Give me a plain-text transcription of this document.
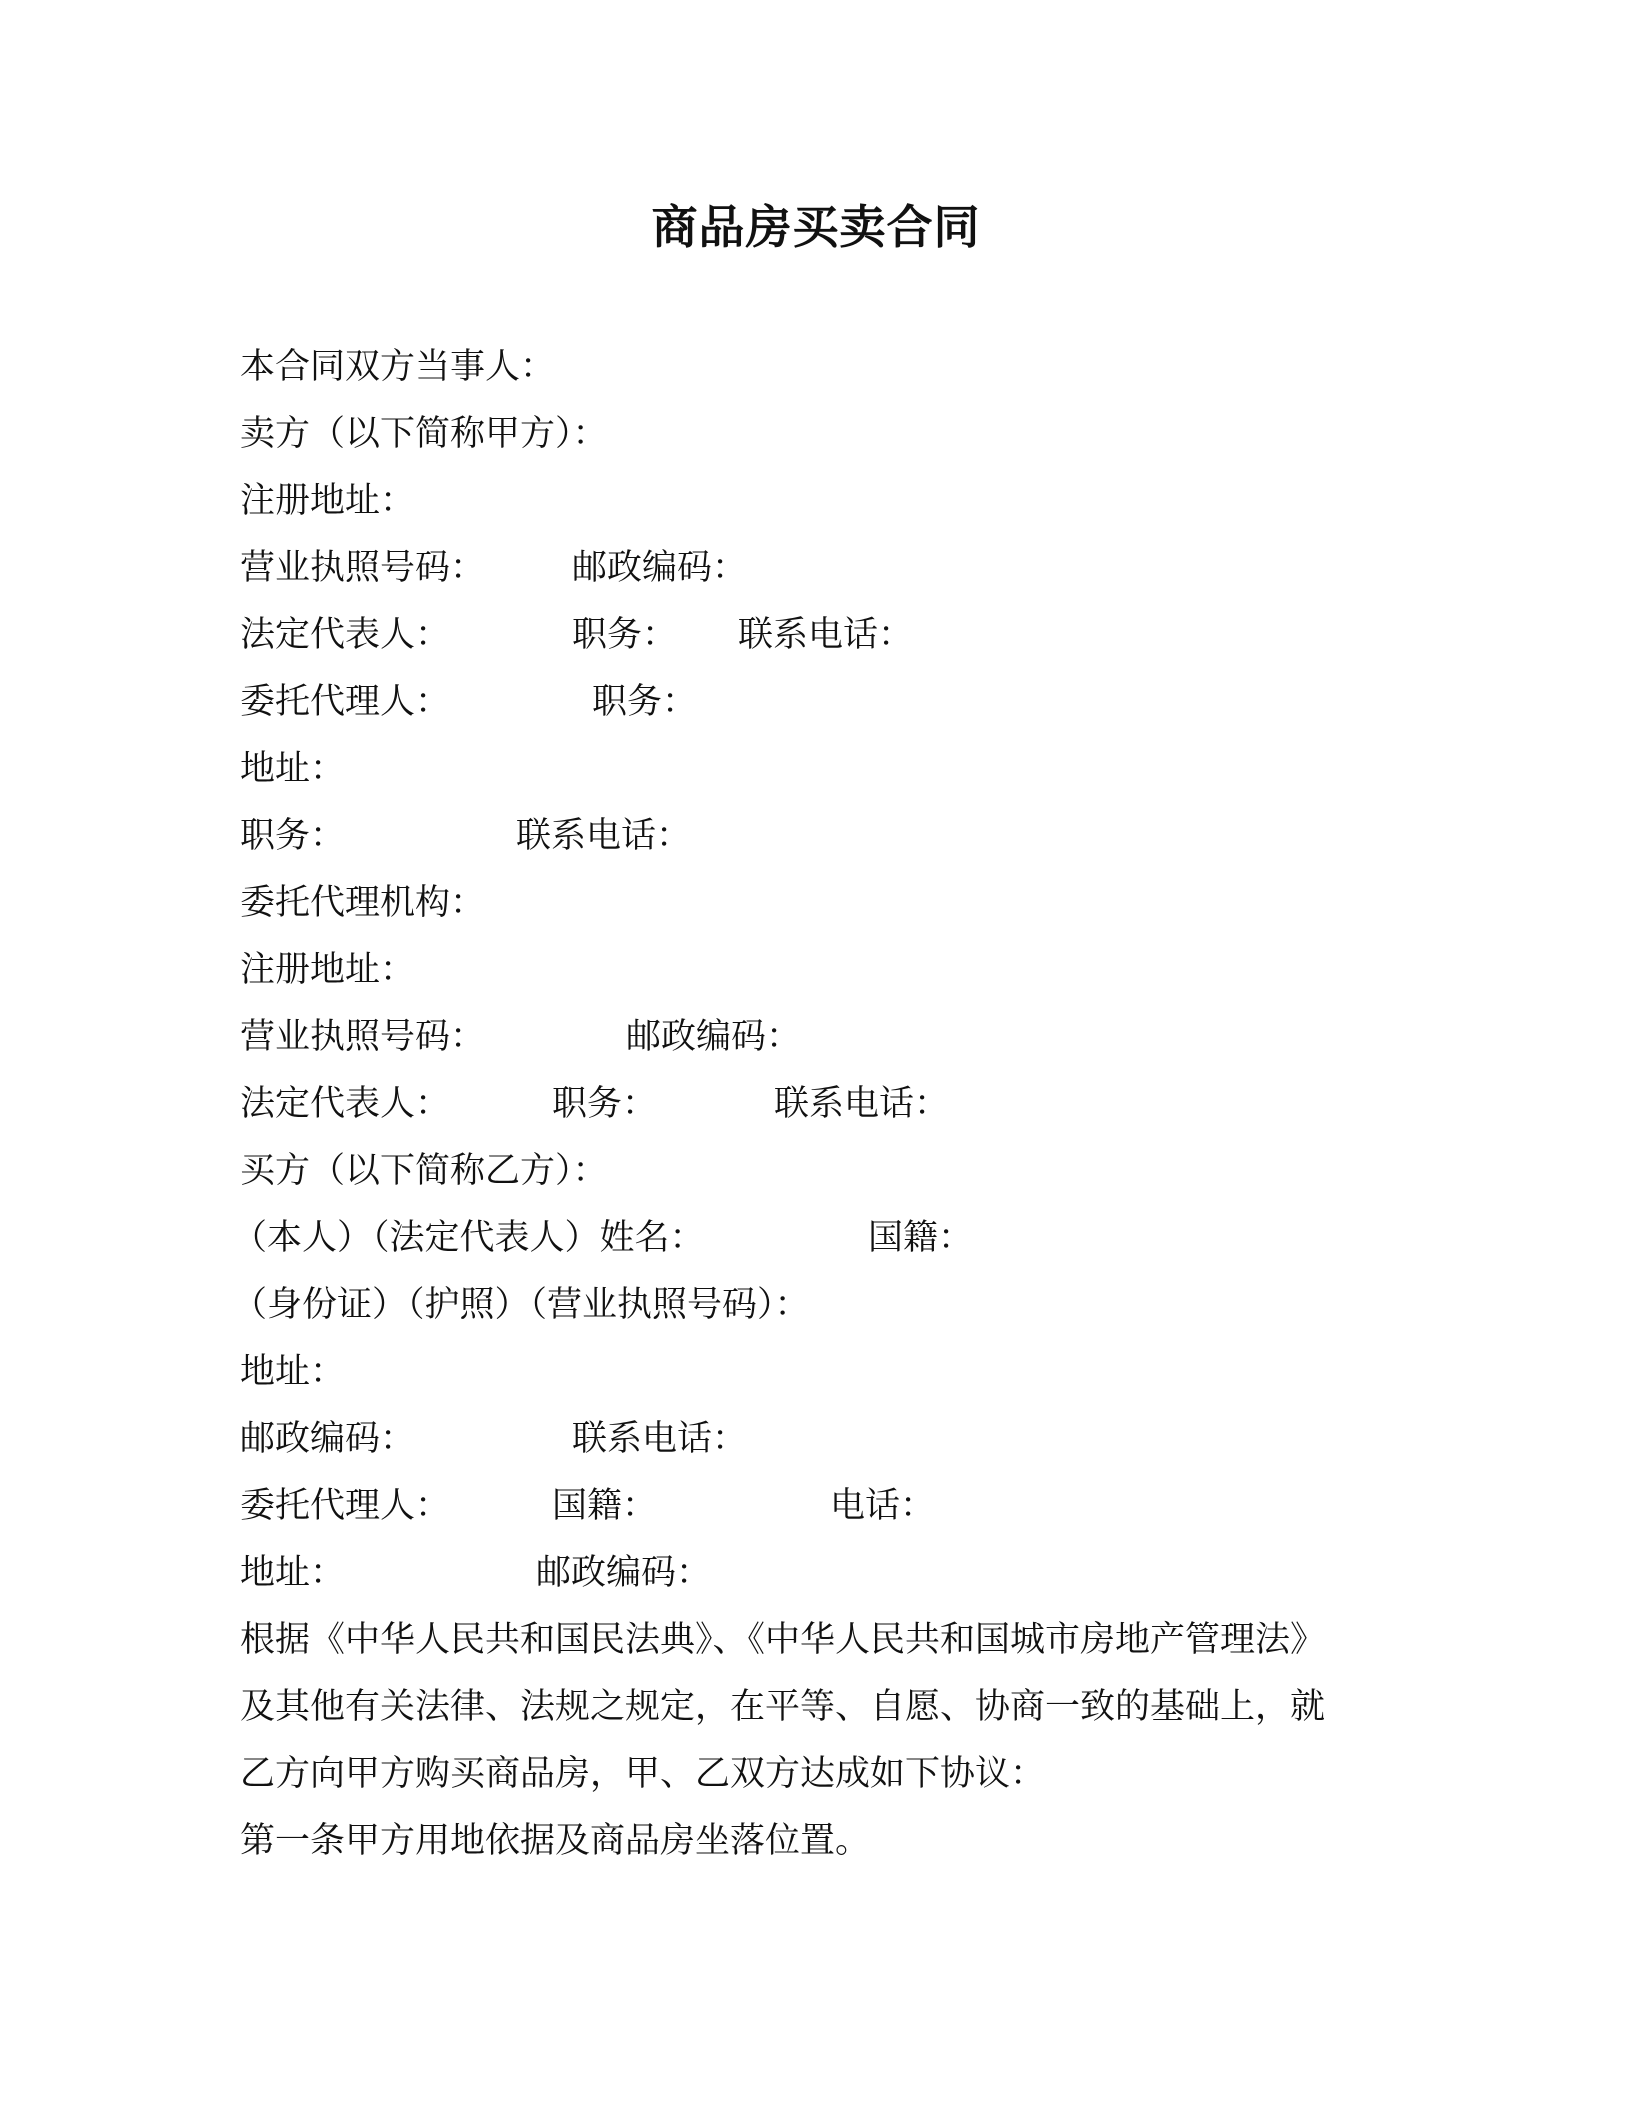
商品房买卖合同
本合同双方当事人：
卖方（以下简称甲方）：
注册地址：
营业执照号码： 邮政编码：
法定代表人：	职务： 联系电话：
委托代理人：	职务：
地址：
职务：	联系电话：
委托代理机构：
注册地址：
营业执照号码：	邮政编码：
法定代表人：	职务：	联系电话：
买方（以下简称乙方）：
（本人）（法定代表人）姓名：	国籍：
（身份证）（护照）（营业执照号码）：
地址：
邮政编码：	联系电话：
委托代理人：	国籍：	电话：
地址：	邮政编码：
根据《中华人民共和国民法典》、《中华人民共和国城市房地产管理法》
及其他有关法律、法规之规定，在平等、自愿、协商一致的基础上，就
乙方向甲方购买商品房，甲、乙双方达成如下协议：
第一条甲方用地依据及商品房坐落位置。
